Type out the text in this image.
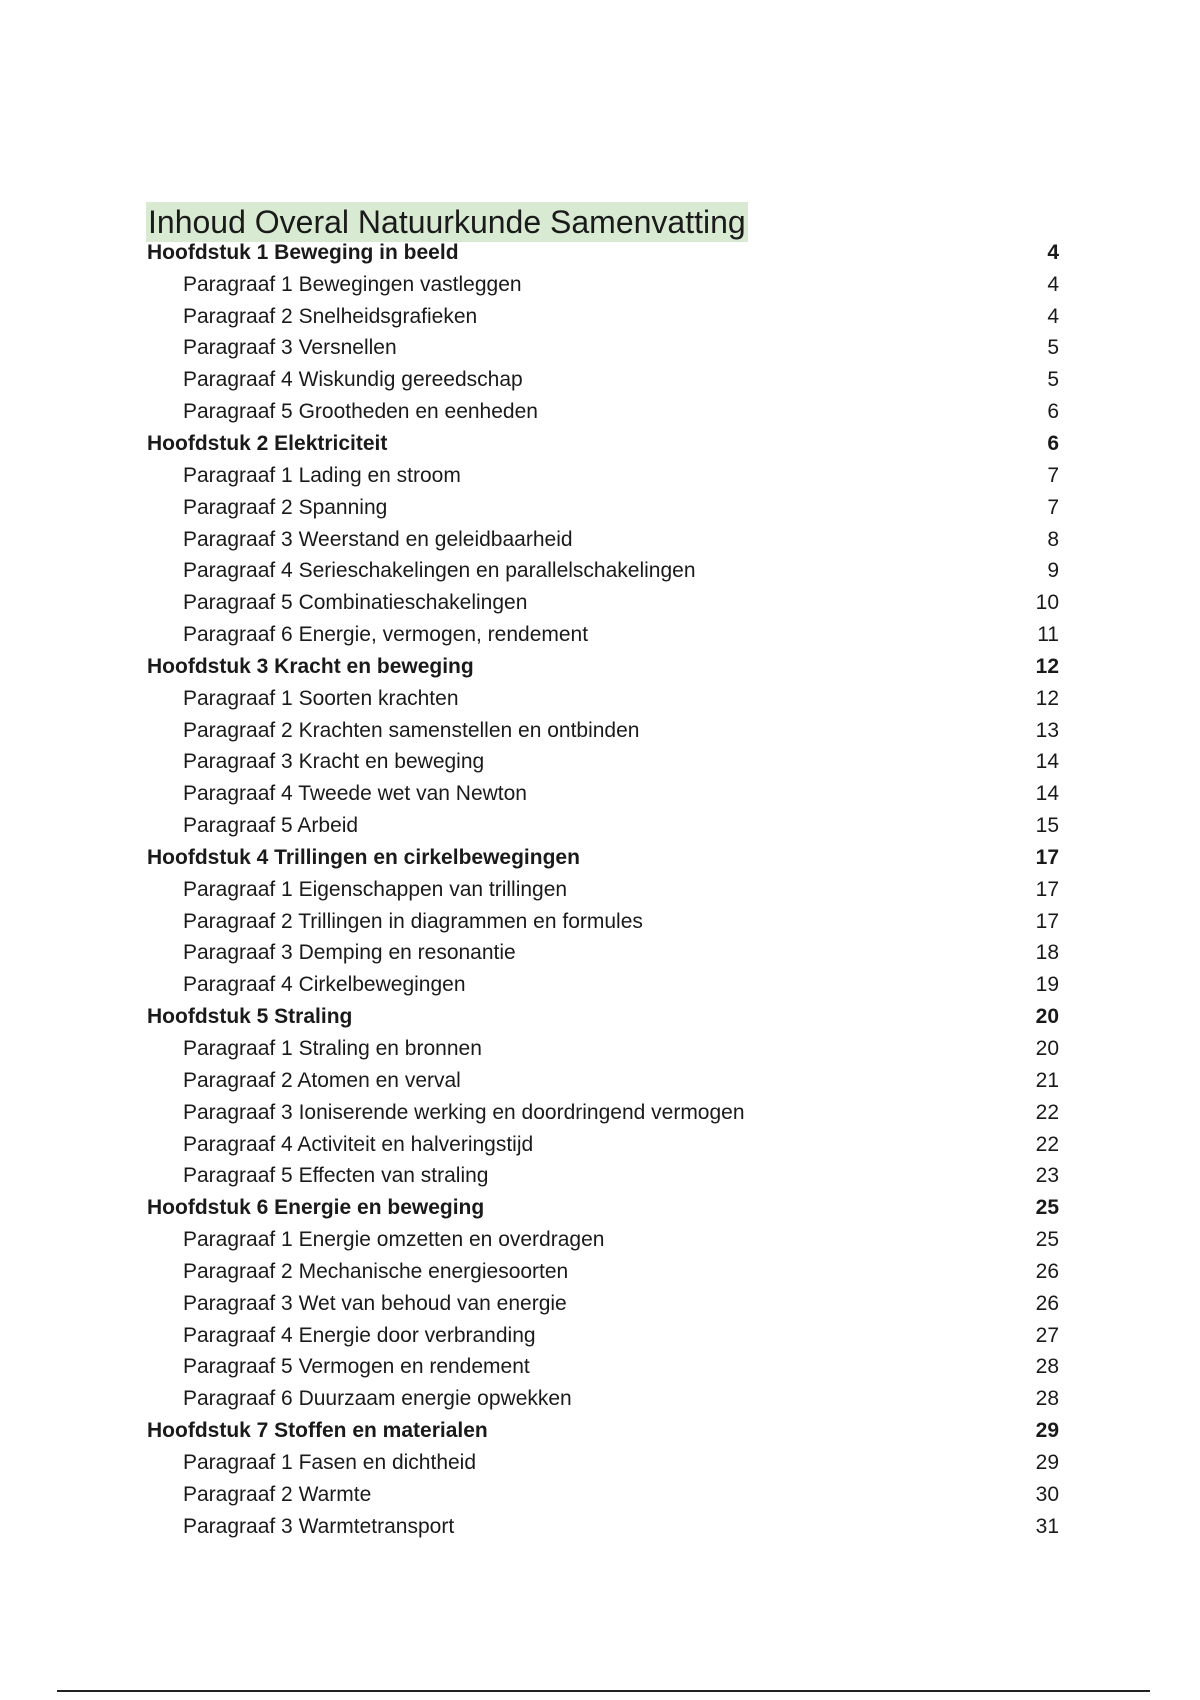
Inhoud Overal Natuurkunde Samenvatting
Hoofdstuk 1 Beweging in beeld	4
Paragraaf 1 Bewegingen vastleggen	4
Paragraaf 2 Snelheidsgrafieken	4
Paragraaf 3 Versnellen	5
Paragraaf 4 Wiskundig gereedschap	5
Paragraaf 5 Grootheden en eenheden	6
Hoofdstuk 2 Elektriciteit	6
Paragraaf 1 Lading en stroom	7
Paragraaf 2 Spanning	7
Paragraaf 3 Weerstand en geleidbaarheid	8
Paragraaf 4 Serieschakelingen en parallelschakelingen	9
Paragraaf 5 Combinatieschakelingen	10
Paragraaf 6 Energie, vermogen, rendement	11
Hoofdstuk 3 Kracht en beweging	12
Paragraaf 1 Soorten krachten	12
Paragraaf 2 Krachten samenstellen en ontbinden	13
Paragraaf 3 Kracht en beweging	14
Paragraaf 4 Tweede wet van Newton	14
Paragraaf 5 Arbeid	15
Hoofdstuk 4 Trillingen en cirkelbewegingen	17
Paragraaf 1 Eigenschappen van trillingen	17
Paragraaf 2 Trillingen in diagrammen en formules	17
Paragraaf 3 Demping en resonantie	18
Paragraaf 4 Cirkelbewegingen	19
Hoofdstuk 5 Straling	20
Paragraaf 1 Straling en bronnen	20
Paragraaf 2 Atomen en verval	21
Paragraaf 3 Ioniserende werking en doordringend vermogen	22
Paragraaf 4 Activiteit en halveringstijd	22
Paragraaf 5 Effecten van straling	23
Hoofdstuk 6 Energie en beweging	25
Paragraaf 1 Energie omzetten en overdragen	25
Paragraaf 2 Mechanische energiesoorten	26
Paragraaf 3 Wet van behoud van energie	26
Paragraaf 4 Energie door verbranding	27
Paragraaf 5 Vermogen en rendement	28
Paragraaf 6 Duurzaam energie opwekken	28
Hoofdstuk 7 Stoffen en materialen	29
Paragraaf 1 Fasen en dichtheid	29
Paragraaf 2 Warmte	30
Paragraaf 3 Warmtetransport	31
